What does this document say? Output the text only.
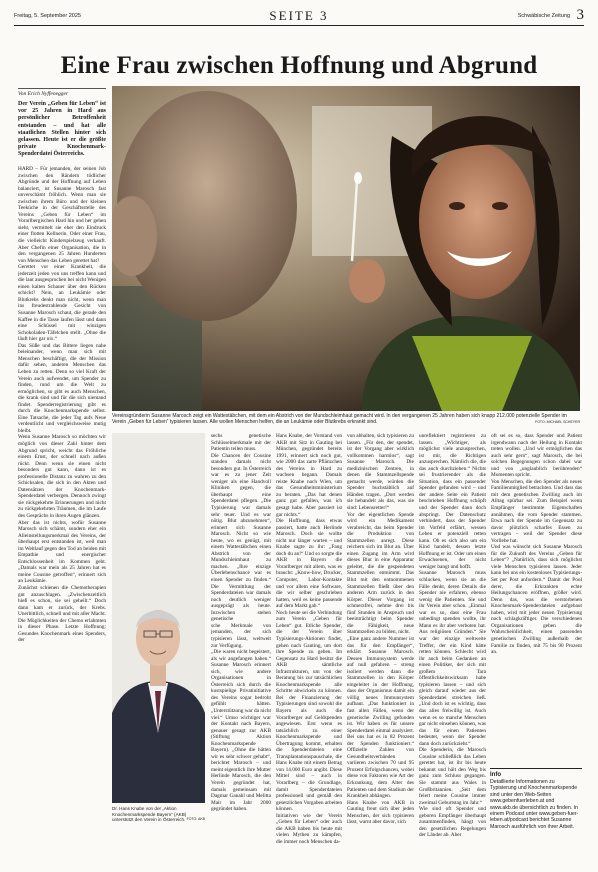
Freitag, 5. September 2025	SEITE 3	Schwäbische Zeitung 3
Eine Frau zwischen Hoffnung und Abgrund
Von Erich Nyffenegger
Der Verein „Geben für Leben“ ist vor 25 Jahren in Hard aus persönlicher Betroffenheit entstanden – und hat alle staatlichen Stellen hinter sich gelassen. Heute ist er die größte private Knochenmark-Spenderdatei Österreichs.

HARD – Für jemanden, der seinen Job zwischen den Rändern tödlicher Abgründe und der Hoffnung auf Leben balanciert, ist Susanne Marosch fast unverschämt fröhlich. Wenn man sie zwischen ihrem Büro und der kleinen Teeküche in der Geschäftsstelle des Vereins „Geben für Leben“ im Vorarlbergischen Hard hin und her gehen sieht, vermittelt sie eher den Eindruck einer flotten Kellnerin. Oder einer Frau, die vielleicht Kinderspielzeug verkauft. Aber Chefin einer Organisation, die in den vergangenen 25 Jahren Hunderten von Menschen das Leben gerettet hat?

Gerettet vor einer Krankheit, die jederzeit jeden von uns treffen kann und die laut ausgesprochen bei nicht Wenigen einen kalten Schauer über den Rücken schickt? Nein, an Leukämie oder Blutkrebs denkt man nicht, wenn man ins freudestrahlende Gesicht von Susanne Marosch schaut, die gerade den Kaffee in die Tasse laufen lässt und dann eine Schüssel mit winzigen Schokoladen-Täfelchen stellt. „Ohne die läuft hier gar nix.“

Das Süße und das Bittere liegen nahe beieinander, wenn man sich mit Menschen beschäftigt, die der Mission dafür sehen, anderen Menschen das Leben zu retten. Denn so viel Kraft der Verein auch aufwendet, um Spender zu finden, rund um die Welt zu ermöglichen, so gibt es auch Menschen, die krank sind und für die sich niemand findet. Spenderregistrierung gibt es durch die Knochenmarkspende selbst. Eine Tatsache, die jeder Tag aufs Neue verdeutlicht und vergleichsweise mutig bleibt.

Wenn Susanne Marosch so möchten wir möglich von dieser Zahl hinter dem Abgrund spricht, weicht das Fröhliche einem Ernst, der schnell nach außen rückt. Denn wenn sie einen nicht besonders gut kann, dann ist es professionelle Distanz zu wahren zu den Schicksalen, die sich in den Akten und Datensätzen der Knochenmark-Spenderdatei verbergen. Dennoch zwingt sie rückgekehrte Erinnerungen und nicht zu rückgekehrten Träumen, die im Laufe des Gesprächs in ihren Augen glänzen.

Aber das ist nichts, wofür Susanne Marosch sich schämt, sondern eher ein Alleinstellungsmerkmal des Vereins, der überhaupt erst entstanden ist, weil man im Weitlauf gegen den Tod an beiden mit Empathie und energischer Entschlossenheit im Kommen geht. „Damals war mein als 25 Jahren hat es meine Cousine getroffen“, erinnert sich an Leukämie.

Zunächst schienen die Chemotherapien gut anzuschlagen. „Zwischenzeitlich hieß es schon, sie sei geheilt.“ Doch dann kam er zurück, der Krebs. Unerbittlich, schnell und mit aller Macht. Die Möglichkeiten der Chemo erlahmten in dieser Phase. Letzte Hoffnung: Gesundes Knochenmark eines Spenders, der

Vereinsgründerin Susanne Marosch zeigt ein Wattestäbchen, mit dem ein Abstrich von der Mundschleimhaut gemacht wird. In den vergangenen 25 Jahren haben sich knapp 212.000 potenzielle Spender im Verein „Geben für Leben“ typisieren lassen. Alle wollen Menschen helfen, die an Leukämie oder Blutkrebs erkrankt sind.	FOTO: MICHAEL SCHEYER
Dr. Hans Knabe von der „Aktion Knochenmarkspende Bayern“ (AKB) unterstützt den Verein in Österreich. FOTO: AKB

sechs genetische Schlüsselmerkmale mit der Patientin teilen muss.

Die Chancen der Cousine standen damals nicht besonders gut. In Österreich war es zu jener Zeit weniger als eine Handvoll Kliniken gegen, die überhaupt eine Spenderdatei pflegen. „Die Typisierung war damals sehr teuer. Und es war nötig. Blut abzunehmen“, erinnert sich Susanne Marosch. Nicht so wie heute, wo es genügt, mit einem Wattestäbchen einen Abstrich von der Mundschleimhaut zu machen. „Ihre einzige Überlebenschance war es einen Spender zu finden.“ Die Vermittlung der Spenderdateien war damals noch deutlich weniger ausgeprägt als heute. Inzwischen stehen genetische

sche Merkmale von jemanden, der sich typisieren lässt, weltweit zur Verfügung.

„Die waren nicht begeistert, als wir angefangen haben.“ Susanne Marosch erinnert sich, wie andere Organisationen in Österreich sich durch die kostspielige Privatinitiative des Vereins sogar bedroht gefühlt hätten. „Unterstützung war da nicht viel.“ Umso wichtiger war der Kontakt nach Bayern, genauer gesagt zur AKB (Stiftung Aktion Knochenmarkspende Bayern). „Ohne die hätten wir es sehr schwer gehabt“, berichtet Marosch – und meint eigentlich ihre Mutter Herlinde Marosch, die den Verein gegründet hat, damals gemeinsam mit Dagmar Ganahl und Melitta Mair im Jahr 2000 gegründet haben.

Hans Knabe, der Vorstand von AKB mit Sitz in Gauting bei München, gegründet bereits 1991, erinnert sich noch gut, wie 2000 das zarte Pflänzchen des Vereins in Hard zu wachsen begann. Damals reiste Knabe nach Wien, um das Gesundheitsministerium zu beraten. „Das hat denen ganz gut gefallen, was ich gesagt habe. Aber passiert ist gar nichts.“

Die Hoffnung, dass etwas passiert, hatte auch Herlinde Marosch. Doch sie wollte nicht nur länger warten – und Knabe sagte zu ihr: „Fang doch du an!“ Und so sorgte die AKB in Bayern die Vorarlberger mit allem, was es braucht: „Know-how, Drucker, Computer, Labor-Kontakte und vor allem eine Software, die wir selber geschrieben hatten, weil es keine passende auf dem Markt gab.“

Noch heute sei die Verbindung zum Verein „Geben für Leben“ gut. Etliche Spender, die der Verein über Typisierungs-Aktionen findet, gehen nach Gauting, um dort ihre Spende zu geben. Im Gegensatz zu Hard besitzt die AKB sämtliche Infrastrukturen, um von der Beratung bis zur tatsächlichen Knochenmarkspende alle Schritte abwickeln zu können. Bei der Finanzierung der Typisierungen sind sowohl die Bayern als auch die Vorarlberger auf Geldspenden angewiesen. Erst wenn es tatsächlich zu einer Knochenmarkspende und Übertragung kommt, erhalten die Spenderdateien eine Transplantationspauschale, die Hans Knabe mit einem Betrag von 14.000 Euro angibt. Diese Mittel sind – auch in Vorarlberg – die Grundlage, damit Spenderdateien professionell und gemäß den gesetzlichen Vorgaben arbeiten können.

Initiativen wie der Verein „Geben für Leben“ oder auch die AKB haben bis heute mit vielen Mythen zu kämpfen, die immer noch Menschen da-

von abhalten, sich typisieren zu lassen. „Für den, der spendet, ist der Vorgang aber wirklich vollkommen harmlos“, sagt Susanne Marosch. Die medizinischen Zentren, in denen die Stammzellspende gemacht werde, würden die Spender buchstäblich auf Händen tragen. „Dort werden sie behandelt als das, was sie sind: Lebensretter!“

Vor der eigentlichen Spende wird ein Medikament verabreicht, das beim Spender die Produktion von Stammzellen anregt. Diese reichern sich im Blut an. Über einen Zugang im Arm wird dieses Blut in eine Apparatur geleitet, die die gespendeten Stammzellen entnimmt. Das Blut mit den entnommenen Stammzellen fließt über den anderen Arm zurück in den Körper. Dieser Vorgang ist schmerzfrei, nehme drei bis fünf Stunden in Anspruch und beeinträchtigt beim Spender die Fähigkeit, neue Stammzellen zu bilden, nicht.

„Eine ganz andere Nummer ist das für den Empfänger“, erklärt Susanne Marosch. Dessen Immunsystem werde auf null gefahren – streng isoliert werden dann die Stammzellen in den Körper eingeleitet in der Hoffnung, dass der Organismus damit ein völlig neues Immunsystem aufbaut. „Das funktioniert in fast allen Fällen, wenn der genetische Zwilling gefunden ist. Wir haben es für unsere Spenderdatei einmal analysiert. Bei uns hat es in 82 Prozent der Spenden funktioniert.“ Offizielle Zahlen von Gesundheitsverbänden variieren zwischen 70 und 95 Prozent Erfolgschancen, wobei diese von Faktoren wie Art der Erkrankung, dem Alter des Patienten und dem Stadium der Krankheit abhängen.

Hans Knabe von AKB in Gauting freut sich über jeden Menschen, der sich typisieren lässt, warnt aber davor, sich

unreflektiert registrieren zu lassen. „Wichtiger, als möglichst viele anzusprechen, ist mir, die Richtigen anzusprechen. Nämlich die, die das auch durchziehen.“ Nichts sei frustrierender als die Situation, dass ein passender Spender gefunden wird – und der andere Seite ein Patient beschrieben Hoffnung schöpft und der Spender dann doch abspringt. Der Datenschutz verhindert, dass der Spender im Vorfeld erfährt, wessen Leben er potenziell retten kann. Ob es sich also um ein Kind handelt, dessen letzte Hoffnung er ist. Oder um einen Erwachsenen, der nicht weniger bangt und hofft.

Susanne Marosch muss schlucken, wenn sie an die Fälle denkt, deren Details die Spender nie erfahren, ebenso wenig die Patienten. Sie und ihr Verein aber schon. „Einmal war es so, dass eine Frau unbedingt spenden wollte, ihr Mann es ihr aber verboten hat. Aus religiösen Gründen.“ Sie war der einzige weltweite Treffer, der ein Kind hätte retten können. Schlecht wird ihr auch beim Gedanken an einen Politiker, der sich mit großem Tara öffentlichkeitswirksam habe typisieren lassen – und sich gleich darauf wieder aus der Spenderdatei streichen ließ. „Und doch ist es wichtig, dass das alles freiwillig ist. Auch wenn es so manche Menschen gar nicht einsehen können, was das für einen Patienten bedeutet, wenn der Spender dann doch zurückzieht.“

Die Spenderin, die Marosch Cousine schließlich das Leben gerettet hat, ist ihr bis heute bekannt und hält den Weg bis ganz zum Schluss gegangen. Sie stammt aus Wales in Großbritannien. „Seit dem feiert meine Cousine immer zweimal Geburtstag im Jahr.“

Wie sind oft Spender und geboren Empfänger überhaupt zusammenfinden, hängt von den gesetzlichen Regelungen der Länder ab. Aber

oft sei es so, dass Spender und Patient irgendwann nach der Heilung in Kontakt treten wollen. „Und wir ermöglichen das auch sehr gern“, sagt Marosch, die bei solchen Begegnungen schon dabei war und von „unglaublich berührenden“ Momenten spricht.

Von Menschen, die den Spender als neues Familienmitglied betrachten. Und dass das mit dem genetischen Zwilling auch im Alltag spürbar sei. Zum Beispiel wenn Empfänger bestimmte Eigenschaften annähmen, die vom Spender stammen. Etwa nach der Spende im Gegensatz zu davor plötzlich scharfes Essen zu vertragen – weil der Spender diese Vorliebe hat.

Und was wünscht sich Susanne Marosch für die Zukunft des Vereins „Geben für Leben“? „Natürlich, dass sich möglichst viele Menschen typisieren lassen. Jeder kann bei uns ein kostenloses Typisierungs-Set per Post anfordern.“ Damit der Pool derer, die Erkrankten echte Heilungschancen eröffnen, größer wird. Denn das, was die verstorbenen Knochenmark-Spenderdateien aufgebaut haben, wird mit jeder neuen Typisierung noch schlagkräftiger. Die verschiedenen Organisationen geben die Wahrscheinlichkeit, einen passenden genetischen Zwilling außerhalb der Familie zu finden, mit 75 bis 90 Prozent an.

Info

Detaillierte Informationen zu Typisierung und Knochenmarkspende sind unter den Web-Seiten www.gebenfuerleben.at und www.akb.de übersichtlich zu finden. In einem Podcast unter www.geben-fuer-leben.at/podcast berichtet Susanne Marosch ausführlich von ihrer Arbeit.
